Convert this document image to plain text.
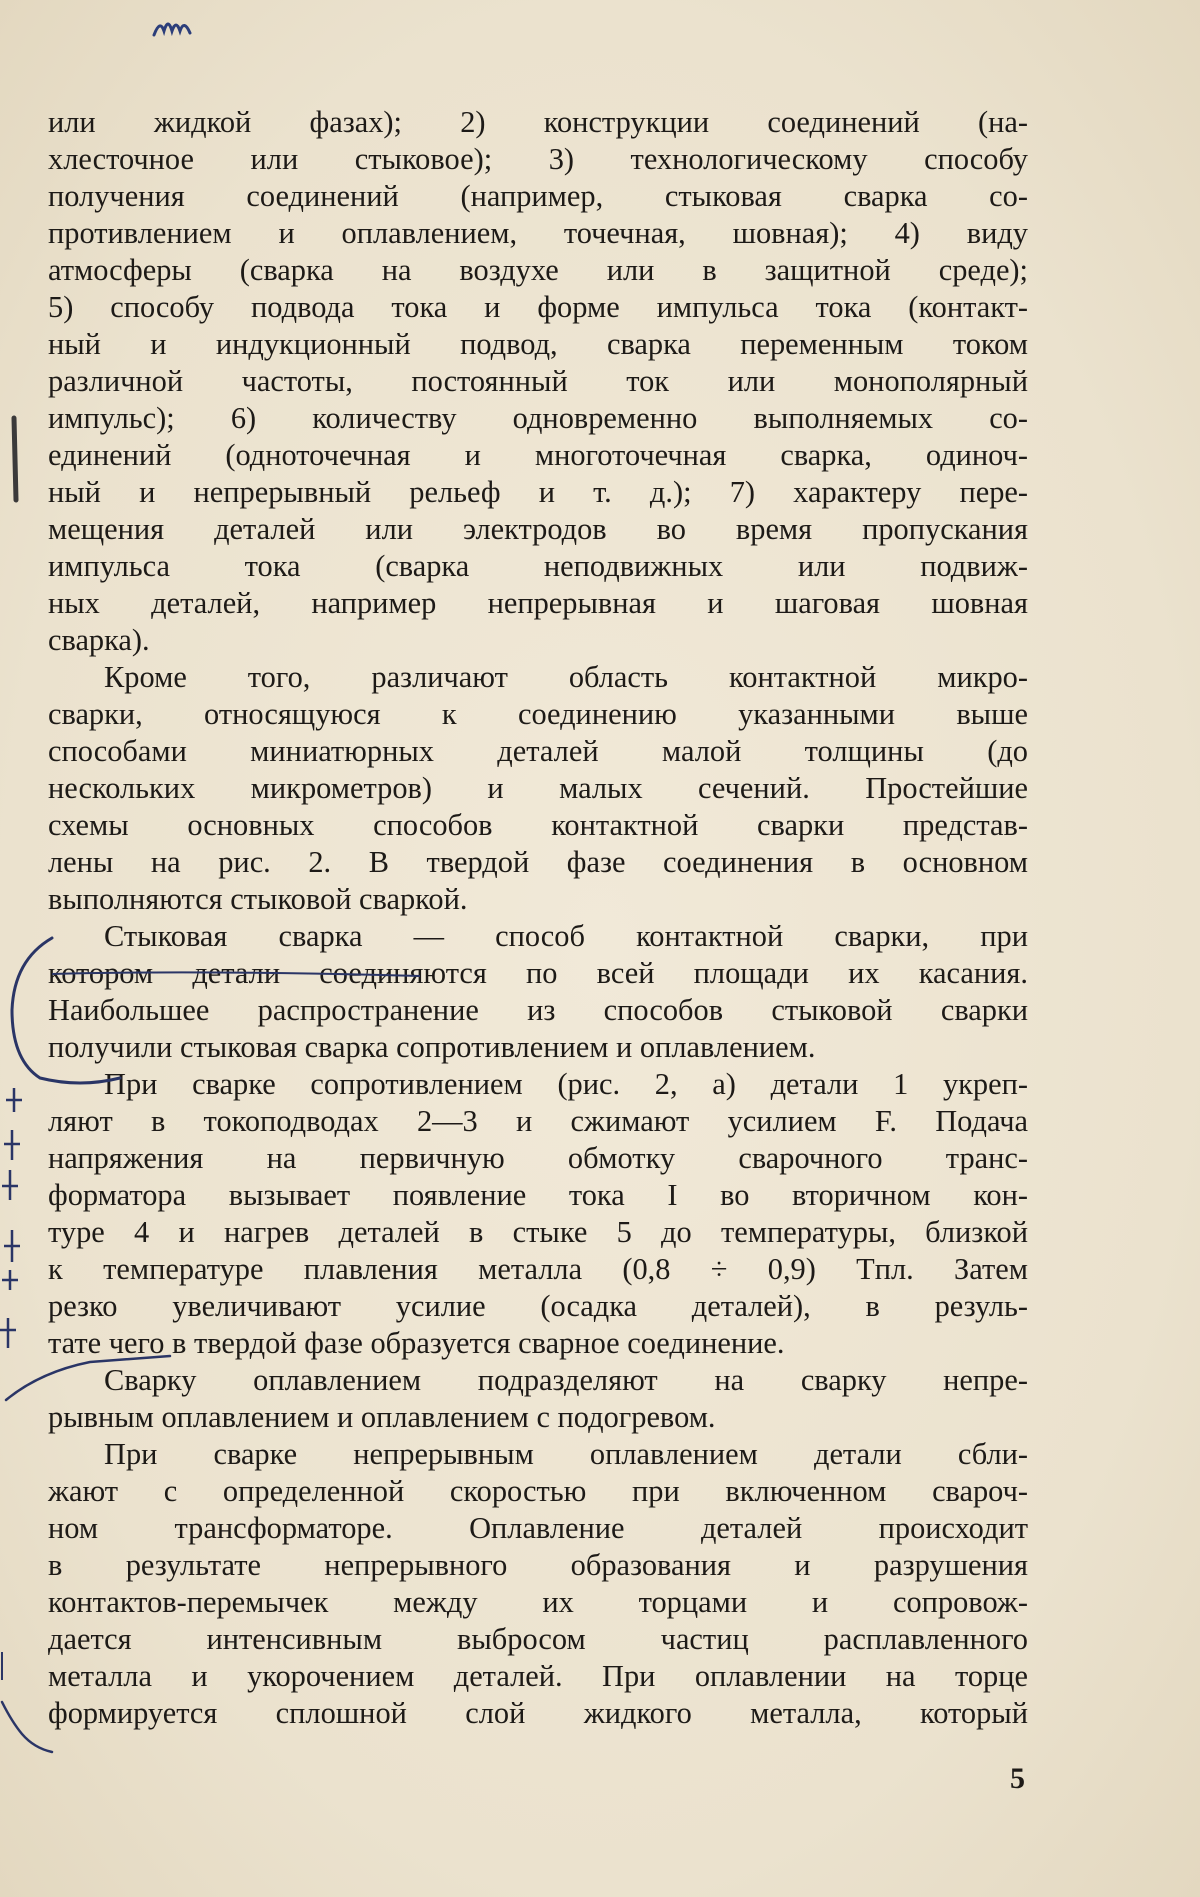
или жидкой фазах); 2) конструкции соединений (на-
хлесточное или стыковое); 3) технологическому способу
получения соединений (например, стыковая сварка со-
противлением и оплавлением, точечная, шовная); 4) виду
атмосферы (сварка на воздухе или в защитной среде);
5) способу подвода тока и форме импульса тока (контакт-
ный и индукционный подвод, сварка переменным током
различной частоты, постоянный ток или монополярный
импульс); 6) количеству одновременно выполняемых со-
единений (одноточечная и многоточечная сварка, одиноч-
ный и непрерывный рельеф и т. д.); 7) характеру пере-
мещения деталей или электродов во время пропускания
импульса тока (сварка неподвижных или подвиж-
ных деталей, например непрерывная и шаговая шовная
сварка).
Кроме того, различают область контактной микро-
сварки, относящуюся к соединению указанными выше
способами миниатюрных деталей малой толщины (до
нескольких микрометров) и малых сечений. Простейшие
схемы основных способов контактной сварки представ-
лены на рис. 2. В твердой фазе соединения в основном
выполняются стыковой сваркой.
Стыковая сварка — способ контактной сварки, при
котором детали соединяются по всей площади их касания.
Наибольшее распространение из способов стыковой сварки
получили стыковая сварка сопротивлением и оплавлением.
При сварке сопротивлением (рис. 2, а) детали 1 укреп-
ляют в токоподводах 2—3 и сжимают усилием F. Подача
напряжения на первичную обмотку сварочного транс-
форматора вызывает появление тока I во вторичном кон-
туре 4 и нагрев деталей в стыке 5 до температуры, близкой
к температуре плавления металла (0,8 ÷ 0,9) Tпл. Затем
резко увеличивают усилие (осадка деталей), в резуль-
тате чего в твердой фазе образуется сварное соединение.
Сварку оплавлением подразделяют на сварку непре-
рывным оплавлением и оплавлением с подогревом.
При сварке непрерывным оплавлением детали сбли-
жают с определенной скоростью при включенном свароч-
ном трансформаторе. Оплавление деталей происходит
в результате непрерывного образования и разрушения
контактов-перемычек между их торцами и сопровож-
дается интенсивным выбросом частиц расплавленного
металла и укорочением деталей. При оплавлении на торце
формируется сплошной слой жидкого металла, который
5
